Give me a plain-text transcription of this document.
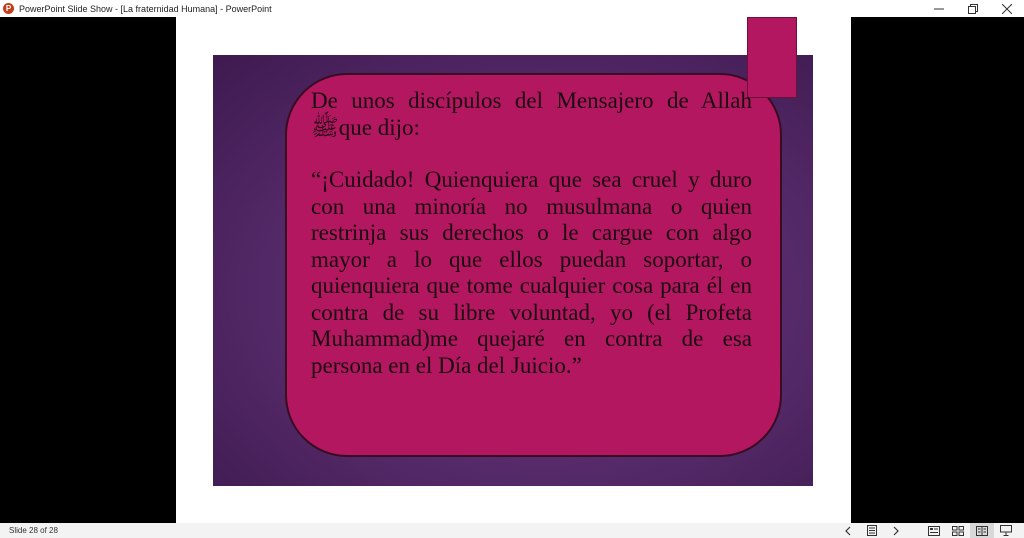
P PowerPoint Slide Show - [La fraternidad Humana] - PowerPoint

De unos discípulos del Mensajero de Allah ﷺque dijo:

“¡Cuidado! Quienquiera que sea cruel y duro con una minoría no musulmana o quien restrinja sus derechos o le cargue con algo mayor a lo que ellos puedan soportar, o quienquiera que tome cualquier cosa para él en contra de su libre voluntad, yo (el Profeta Muhammad)me quejaré en contra de esa persona en el Día del Juicio.”

Slide 28 of 28
